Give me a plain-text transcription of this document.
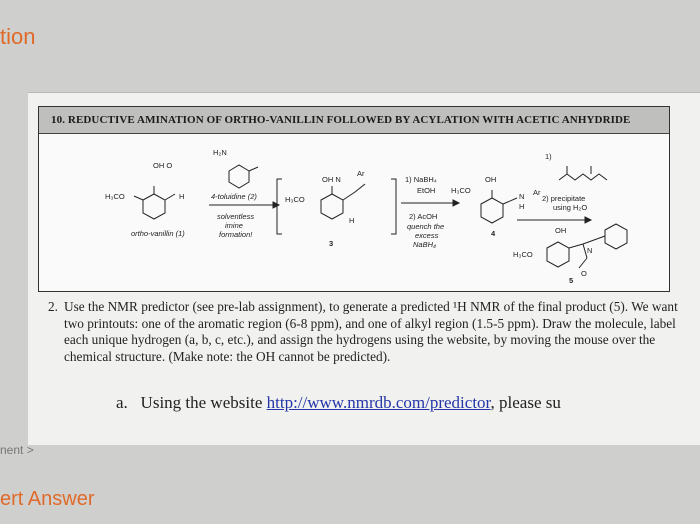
tion
10. REDUCTIVE AMINATION OF ORTHO-VANILLIN FOLLOWED BY ACYLATION WITH ACETIC ANHYDRIDE
OH O
H₃CO	H
ortho-vanillin (1)
H₂N
4-toluidine (2)
solventless
imine
formation!
OH N
Ar
H₃CO
H
3
1) NaBH₄
EtOH
2) AcOH
quench the
excess
NaBH₄
OH
H₃CO
N
H
Ar
4
1)
2) precipitate
using H₂O
OH
H₃CO	N
O
5
2. Use the NMR predictor (see pre-lab assignment), to generate a predicted ¹H NMR of the final product (5). We want two printouts: one of the aromatic region (6-8 ppm), and one of alkyl region (1.5-5 ppm). Draw the molecule, label each unique hydrogen (a, b, c, etc.), and assign the hydrogens using the website, by moving the mouse over the chemical structure. (Make note: the OH cannot be predicted).
a. Using the website http://www.nmrdb.com/predictor, please su
nent >
ert Answer
